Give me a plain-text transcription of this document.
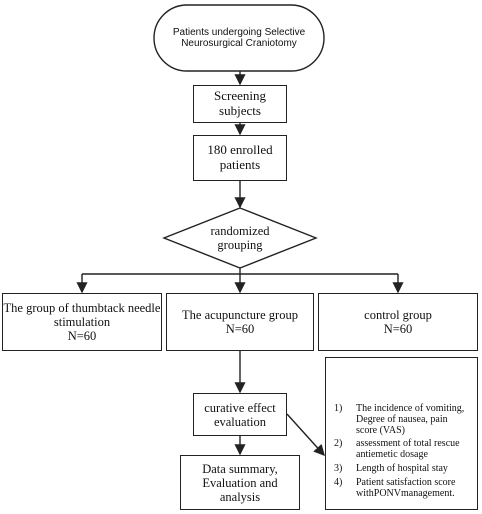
Patients undergoing Selective Neurosurgical Craniotomy
Screening subjects
180 enrolled patients
randomized grouping
The group of thumbtack needle stimulation
N=60
The acupuncture group
N=60
control group
N=60
curative effect evaluation
Data summary, Evaluation and analysis
1)	The incidence of vomiting, Degree of nausea, pain score (VAS)
2)	assessment of total rescue antiemetic dosage
3)	Length of hospital stay
4)	Patient satisfaction score withPONVmanagement.
